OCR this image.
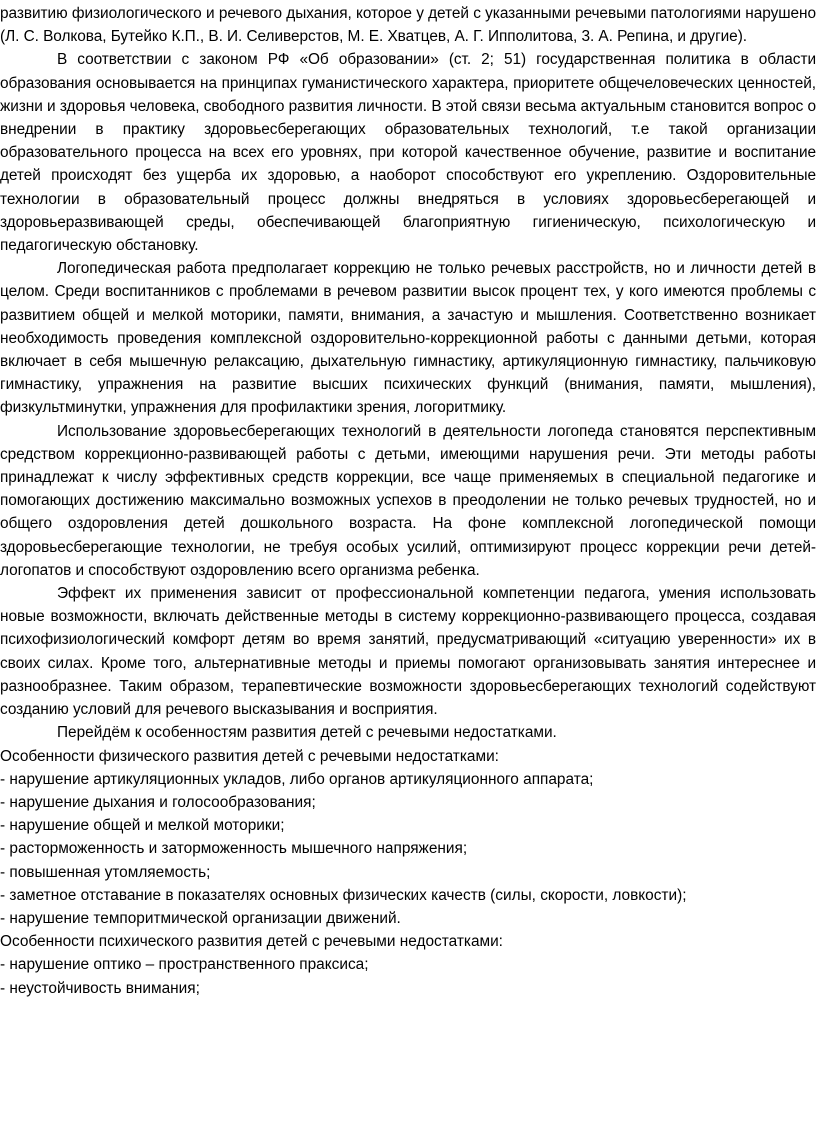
развитию физиологического и речевого дыхания, которое у детей с указанными речевыми патологиями нарушено (Л. С. Волкова, Бутейко К.П., В. И. Селиверстов, М. Е. Хватцев, А. Г. Ипполитова, 3. А. Репина, и другие).

В соответствии с законом РФ «Об образовании» (ст. 2; 51) государственная политика в области образования основывается на принципах гуманистического характера, приоритете общечеловеческих ценностей, жизни и здоровья человека, свободного развития личности. В этой связи весьма актуальным становится вопрос о внедрении в практику здоровьесберегающих образовательных технологий, т.е такой организации образовательного процесса на всех его уровнях, при которой качественное обучение, развитие и воспитание детей происходят без ущерба их здоровью, а наоборот способствуют его укреплению. Оздоровительные технологии в образовательный процесс должны внедряться в условиях здоровьесберегающей и здоровьеразвивающей среды, обеспечивающей благоприятную гигиеническую, психологическую и педагогическую обстановку.

Логопедическая работа предполагает коррекцию не только речевых расстройств, но и личности детей в целом. Среди воспитанников с проблемами в речевом развитии высок процент тех, у кого имеются проблемы с развитием общей и мелкой моторики, памяти, внимания, а зачастую и мышления. Соответственно возникает необходимость проведения комплексной оздоровительно-коррекционной работы с данными детьми, которая включает в себя мышечную релаксацию, дыхательную гимнастику, артикуляционную гимнастику, пальчиковую гимнастику, упражнения на развитие высших психических функций (внимания, памяти, мышления), физкультминутки, упражнения для профилактики зрения, логоритмику.

Использование здоровьесберегающих технологий в деятельности логопеда становятся перспективным средством коррекционно-развивающей работы с детьми, имеющими нарушения речи. Эти методы работы принадлежат к числу эффективных средств коррекции, все чаще применяемых в специальной педагогике и помогающих достижению максимально возможных успехов в преодолении не только речевых трудностей, но и общего оздоровления детей дошкольного возраста. На фоне комплексной логопедической помощи здоровьесберегающие технологии, не требуя особых усилий, оптимизируют процесс коррекции речи детей-логопатов и способствуют оздоровлению всего организма ребенка.

Эффект их применения зависит от профессиональной компетенции педагога, умения использовать новые возможности, включать действенные методы в систему коррекционно-развивающего процесса, создавая психофизиологический комфорт детям во время занятий, предусматривающий «ситуацию уверенности» их в своих силах. Кроме того, альтернативные методы и приемы помогают организовывать занятия интереснее и разнообразнее. Таким образом, терапевтические возможности здоровьесберегающих технологий содействуют созданию условий для речевого высказывания и восприятия.

Перейдём к особенностям развития детей с речевыми недостатками.

Особенности физического развития детей с речевыми недостатками:

- нарушение артикуляционных укладов, либо органов артикуляционного аппарата;

- нарушение дыхания и голосообразования;

- нарушение общей и мелкой моторики;

- расторможенность и заторможенность мышечного напряжения;

- повышенная утомляемость;

- заметное отставание в показателях основных физических качеств (силы, скорости, ловкости);

- нарушение темпоритмической организации движений.

Особенности психического развития детей с речевыми недостатками:

- нарушение оптико – пространственного праксиса;

- неустойчивость внимания;
